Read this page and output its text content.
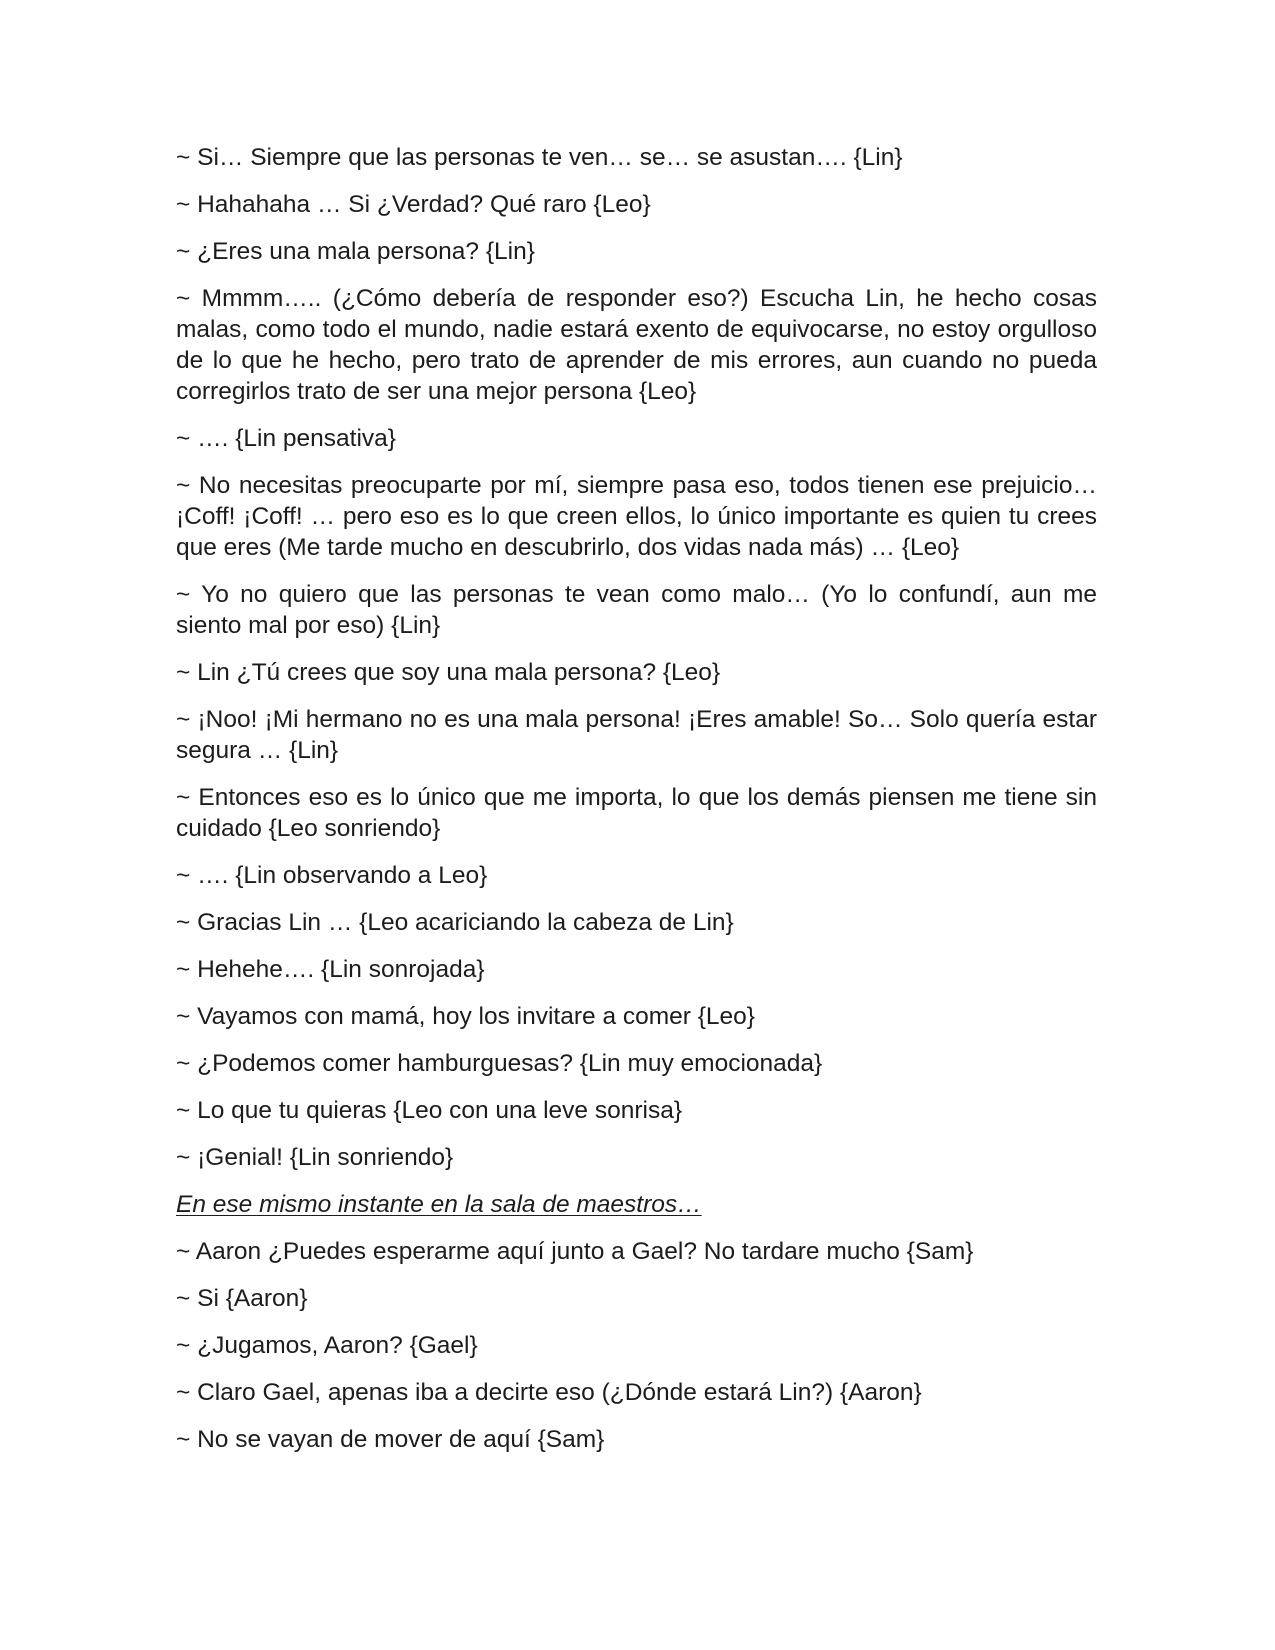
~ Si… Siempre que las personas te ven… se… se asustan…. {Lin}

~ Hahahaha … Si ¿Verdad? Qué raro {Leo}

~ ¿Eres una mala persona? {Lin}

~ Mmmm….. (¿Cómo debería de responder eso?) Escucha Lin, he hecho cosas malas, como todo el mundo, nadie estará exento de equivocarse, no estoy orgulloso de lo que he hecho, pero trato de aprender de mis errores, aun cuando no pueda corregirlos trato de ser una mejor persona {Leo}

~ …. {Lin pensativa}

~ No necesitas preocuparte por mí, siempre pasa eso, todos tienen ese prejuicio… ¡Coff! ¡Coff! … pero eso es lo que creen ellos, lo único importante es quien tu crees que eres (Me tarde mucho en descubrirlo, dos vidas nada más) … {Leo}

~ Yo no quiero que las personas te vean como malo… (Yo lo confundí, aun me siento mal por eso) {Lin}

~ Lin ¿Tú crees que soy una mala persona? {Leo}

~ ¡Noo! ¡Mi hermano no es una mala persona! ¡Eres amable! So… Solo quería estar segura … {Lin}

~ Entonces eso es lo único que me importa, lo que los demás piensen me tiene sin cuidado {Leo sonriendo}

~ …. {Lin observando a Leo}

~ Gracias Lin … {Leo acariciando la cabeza de Lin}

~ Hehehe…. {Lin sonrojada}

~ Vayamos con mamá, hoy los invitare a comer {Leo}

~ ¿Podemos comer hamburguesas? {Lin muy emocionada}

~ Lo que tu quieras {Leo con una leve sonrisa}

~ ¡Genial! {Lin sonriendo}

En ese mismo instante en la sala de maestros…

~ Aaron ¿Puedes esperarme aquí junto a Gael? No tardare mucho {Sam}

~ Si {Aaron}

~ ¿Jugamos, Aaron? {Gael}

~ Claro Gael, apenas iba a decirte eso (¿Dónde estará Lin?) {Aaron}

~ No se vayan de mover de aquí {Sam}
